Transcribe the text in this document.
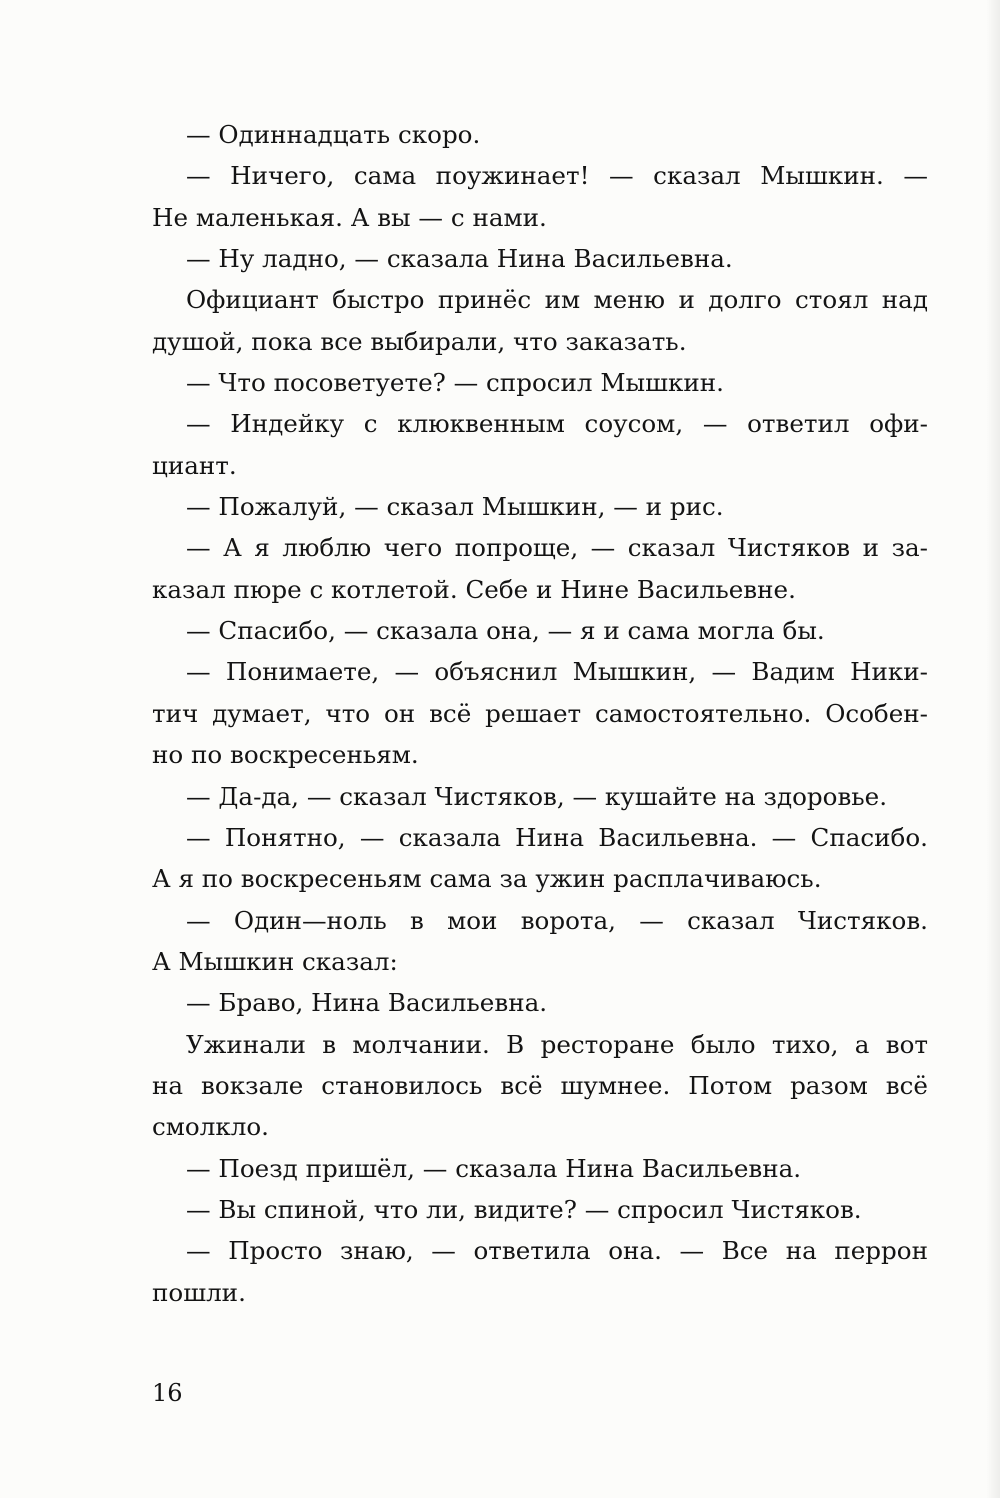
— Одиннадцать скоро.
— Ничего, сама поужинает! — сказал Мышкин. —
Не маленькая. А вы — с нами.
— Ну ладно, — сказала Нина Васильевна.
Официант быстро принёс им меню и долго стоял над
душой, пока все выбирали, что заказать.
— Что посоветуете? — спросил Мышкин.
— Индейку с клюквенным соусом, — ответил офи-
циант.
— Пожалуй, — сказал Мышкин, — и рис.
— А я люблю чего попроще, — сказал Чистяков и за-
казал пюре с котлетой. Себе и Нине Васильевне.
— Спасибо, — сказала она, — я и сама могла бы.
— Понимаете, — объяснил Мышкин, — Вадим Ники-
тич думает, что он всё решает самостоятельно. Особен-
но по воскресеньям.
— Да-да, — сказал Чистяков, — кушайте на здоровье.
— Понятно, — сказала Нина Васильевна. — Спасибо.
А я по воскресеньям сама за ужин расплачиваюсь.
— Один—ноль в мои ворота, — сказал Чистяков.
А Мышкин сказал:
— Браво, Нина Васильевна.
Ужинали в молчании. В ресторане было тихо, а вот
на вокзале становилось всё шумнее. Потом разом всё
смолкло.
— Поезд пришёл, — сказала Нина Васильевна.
— Вы спиной, что ли, видите? — спросил Чистяков.
— Просто знаю, — ответила она. — Все на перрон
пошли.
16
